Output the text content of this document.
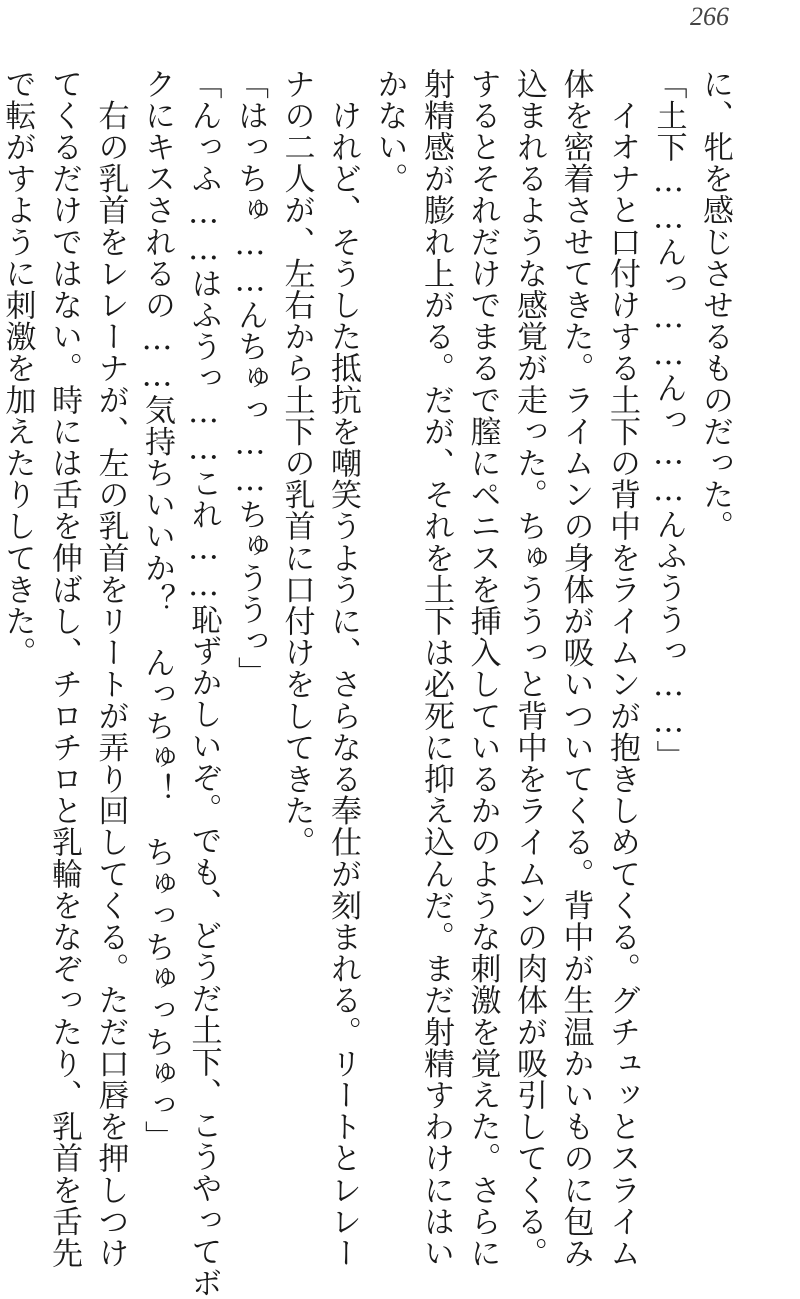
266
に、牝を感じさせるものだった。
「土下……んっ……んっ……んふううっ……」
　イオナと口付けする土下の背中をライムンが抱きしめてくる。グチュッとスライム
体を密着させてきた。ライムンの身体が吸いついてくる。背中が生温かいものに包み
込まれるような感覚が走った。ちゅううっと背中をライムンの肉体が吸引してくる。
するとそれだけでまるで膣にペニスを挿入しているかのような刺激を覚えた。さらに
射精感が膨れ上がる。だが、それを土下は必死に抑え込んだ。まだ射精すわけにはい
かない。
　けれど、そうした抵抗を嘲笑うように、さらなる奉仕が刻まれる。リートとレレー
ナの二人が、左右から土下の乳首に口付けをしてきた。
「はっちゅ……んちゅっ……ちゅううっ」
「んっふ……はふうっ……これ……恥ずかしいぞ。でも、どうだ土下、こうやってボ
クにキスされるの……気持ちいいか？　んっちゅ！　ちゅっちゅっちゅっ」
　右の乳首をレレーナが、左の乳首をリートが弄り回してくる。ただ口唇を押しつけ
てくるだけではない。時には舌を伸ばし、チロチロと乳輪をなぞったり、乳首を舌先
で転がすように刺激を加えたりしてきた。
